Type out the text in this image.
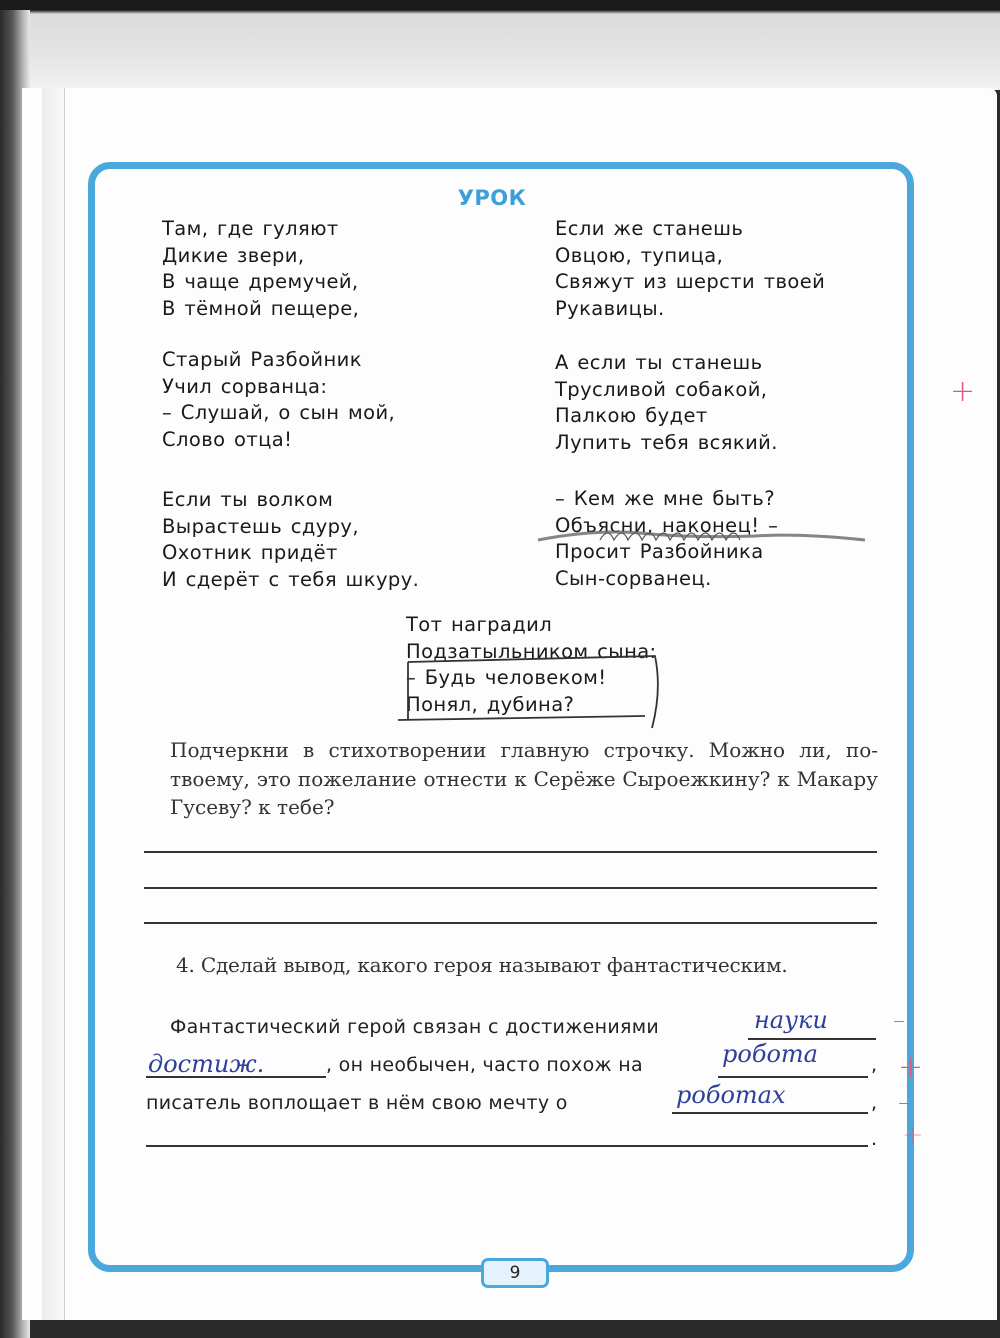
УРОК
Там, где гуляют
Дикие звери,
В чаще дремучей,
В тёмной пещере,
Если же станешь
Овцою, тупица,
Свяжут из шерсти твоей
Рукавицы.
Старый Разбойник
Учил сорванца:
– Слушай, о сын мой,
Слово отца!
А если ты станешь
Трусливой собакой,
Палкою будет
Лупить тебя всякий.
Если ты волком
Вырастешь сдуру,
Охотник придёт
И сдерёт с тебя шкуру.
– Кем же мне быть?
Объясни, наконец! –
Просит Разбойника
Сын-сорванец.
Тот наградил
Подзатыльником сына:
– Будь человеком!
Понял, дубина?
Подчеркни в стихотворении главную строчку. Можно ли, по-твоему, это пожелание отнести к Серёже Сыроежкину? к Макару Гусеву? к тебе?
4. Сделай вывод, какого героя называют фантастическим.
Фантастический герой связан с достижениями	науки
достиж.	, он необычен, часто похож на	робота	,
писатель воплощает в нём свою мечту о	роботах	,
.
+
–
+
–
+
9
